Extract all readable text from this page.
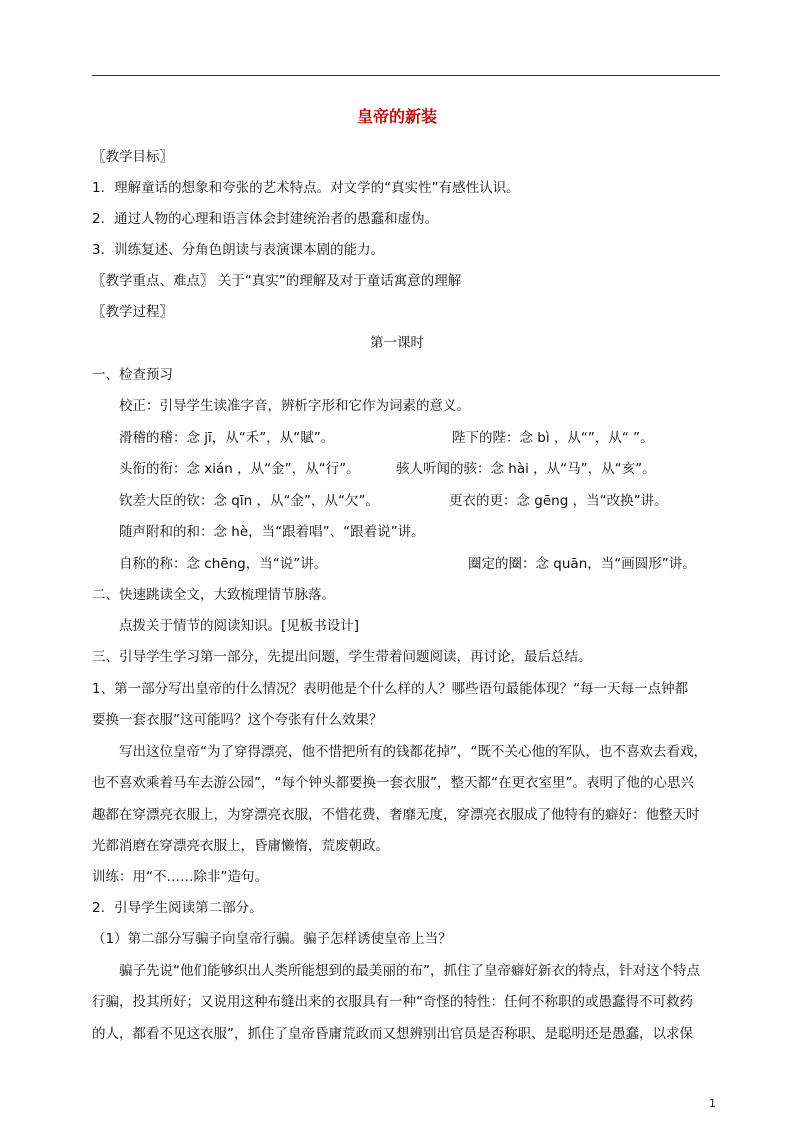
皇帝的新装
〖教学目标〗
1．理解童话的想象和夸张的艺术特点。对文学的“真实性”有感性认识。
2．通过人物的心理和语言体会封建统治者的愚蠢和虚伪。
3．训练复述、分角色朗读与表演课本剧的能力。
〖教学重点、难点〗 关于“真实”的理解及对于童话寓意的理解
〖教学过程〗
第一课时
一、检查预习
校正：引导学生读准字音，辨析字形和它作为词素的意义。
滑稽的稽：念 jī，从“禾”，从“賦”。	陛下的陛：念 bì ，从“”，从“ ”。
头衔的衔：念 xián ，从“金”，从“行”。	骇人听闻的骇：念 hài ，从“马”，从“亥”。
钦差大臣的钦：念 qīn ，从“金”，从“欠”。	更衣的更：念 gēng ，当“改换”讲。
随声附和的和：念 hè，当“跟着唱”、“跟着说”讲。
自称的称：念 chēng，当“说”讲。	圈定的圈：念 quān，当“画圆形”讲。
二、快速跳读全文，大致梳理情节脉落。
点拨关于情节的阅读知识。[见板书设计]
三、引导学生学习第一部分，先提出问题，学生带着问题阅读，再讨论，最后总结。
1、第一部分写出皇帝的什么情况？表明他是个什么样的人？哪些语句最能体现？“每一天每一点钟都
要换一套衣服”这可能吗？这个夸张有什么效果？
写出这位皇帝“为了穿得漂亮，他不惜把所有的钱都花掉”，“既不关心他的军队，也不喜欢去看戏，
也不喜欢乘着马车去游公园”，“每个钟头都要换一套衣服”，整天都“在更衣室里”。表明了他的心思兴
趣都在穿漂亮衣服上，为穿漂亮衣服，不惜花费，奢靡无度，穿漂亮衣服成了他特有的癖好：他整天时
光都消磨在穿漂亮衣服上，昏庸懒惰，荒废朝政。
训练：用“不……除非”造句。
2．引导学生阅读第二部分。
（1）第二部分写骗子向皇帝行骗。骗子怎样诱使皇帝上当？
骗子先说“他们能够织出人类所能想到的最美丽的布”，抓住了皇帝癖好新衣的特点，针对这个特点
行骗，投其所好；又说用这种布缝出来的衣服具有一种“奇怪的特性：任何不称职的或愚蠢得不可救药
的人，都看不见这衣服”，抓住了皇帝昏庸荒政而又想辨别出官员是否称职、是聪明还是愚蠢，以求保
1
